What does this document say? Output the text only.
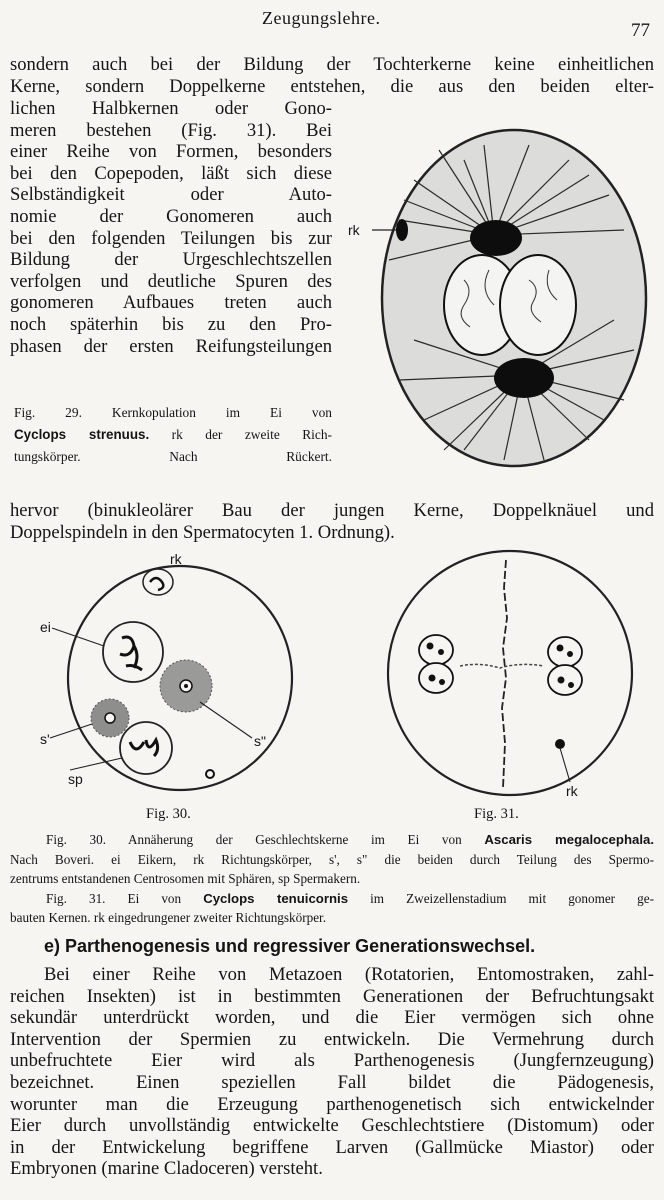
Zeugungslehre.
77
sondern auch bei der Bildung der Tochterkerne keine einheitlichen
Kerne, sondern Doppelkerne entstehen, die aus den beiden elter-
lichen Halbkernen oder Gono-
meren bestehen (Fig. 31). Bei
einer Reihe von Formen, besonders
bei den Copepoden, läßt sich diese
Selbständigkeit oder Auto-
nomie der Gonomeren auch
bei den folgenden Teilungen bis zur
Bildung der Urgeschlechtszellen
verfolgen und deutliche Spuren des
gonomeren Aufbaues treten auch
noch späterhin bis zu den Pro-
phasen der ersten Reifungsteilungen
Fig. 29. Kernkopulation im Ei von
Cyclops strenuus. rk der zweite Rich-
tungskörper. Nach Rückert.
rk
hervor (binukleolärer Bau der jungen Kerne, Doppelknäuel und
Doppelspindeln in den Spermatocyten 1. Ordnung).
rk
ei
s"
s'
sp
Fig. 30.
rk
Fig. 31.
Fig. 30. Annäherung der Geschlechtskerne im Ei von Ascaris megalocephala.
Nach Boveri. ei Eikern, rk Richtungskörper, s', s" die beiden durch Teilung des Spermo-
zentrums entstandenen Centrosomen mit Sphären, sp Spermakern.
Fig. 31. Ei von Cyclops tenuicornis im Zweizellenstadium mit gonomer ge-
bauten Kernen. rk eingedrungener zweiter Richtungskörper.
e) Parthenogenesis und regressiver Generationswechsel.
Bei einer Reihe von Metazoen (Rotatorien, Entomostraken, zahl-
reichen Insekten) ist in bestimmten Generationen der Befruchtungsakt
sekundär unterdrückt worden, und die Eier vermögen sich ohne
Intervention der Spermien zu entwickeln. Die Vermehrung durch
unbefruchtete Eier wird als Parthenogenesis (Jungfernzeugung)
bezeichnet. Einen speziellen Fall bildet die Pädogenesis,
worunter man die Erzeugung parthenogenetisch sich entwickelnder
Eier durch unvollständig entwickelte Geschlechtstiere (Distomum) oder
in der Entwickelung begriffene Larven (Gallmücke Miastor) oder
Embryonen (marine Cladoceren) versteht.
